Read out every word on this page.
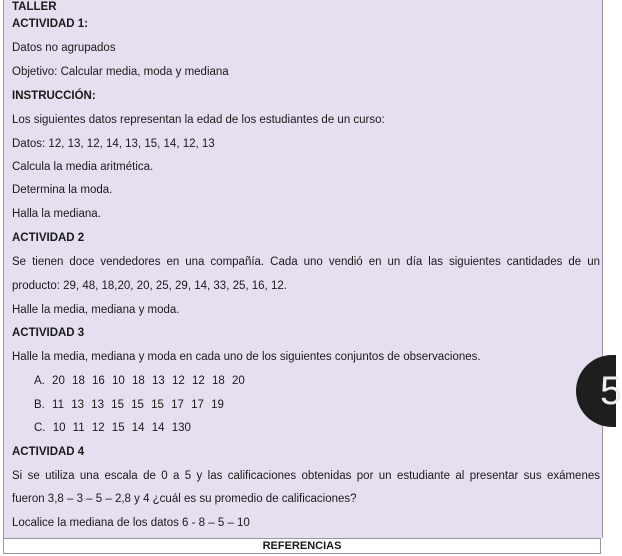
TALLER
ACTIVIDAD 1:
Datos no agrupados
Objetivo: Calcular media, moda y mediana
INSTRUCCIÓN:
Los siguientes datos representan la edad de los estudiantes de un curso:
Datos: 12, 13, 12, 14, 13, 15, 14, 12, 13
Calcula la media aritmética.
Determina la moda.
Halla la mediana.
ACTIVIDAD 2
Se tienen doce vendedores en una compañía. Cada uno vendió en un día las siguientes cantidades de un
producto: 29, 48, 18,20, 20, 25, 29, 14, 33, 25, 16, 12.
Halle la media, mediana y moda.
ACTIVIDAD 3
Halle la media, mediana y moda en cada uno de los siguientes conjuntos de observaciones.
A. 20 18 16 10 18 13 12 12 18 20
B. 11 13 13 15 15 15 17 17 19
C. 10 11 12 15 14 14 130
ACTIVIDAD 4
Si se utiliza una escala de 0 a 5 y las calificaciones obtenidas por un estudiante al presentar sus exámenes
fueron 3,8 – 3 – 5 – 2,8 y 4 ¿cuál es su promedio de calificaciones?
Localice la mediana de los datos 6 - 8 – 5 – 10
5
REFERENCIAS
